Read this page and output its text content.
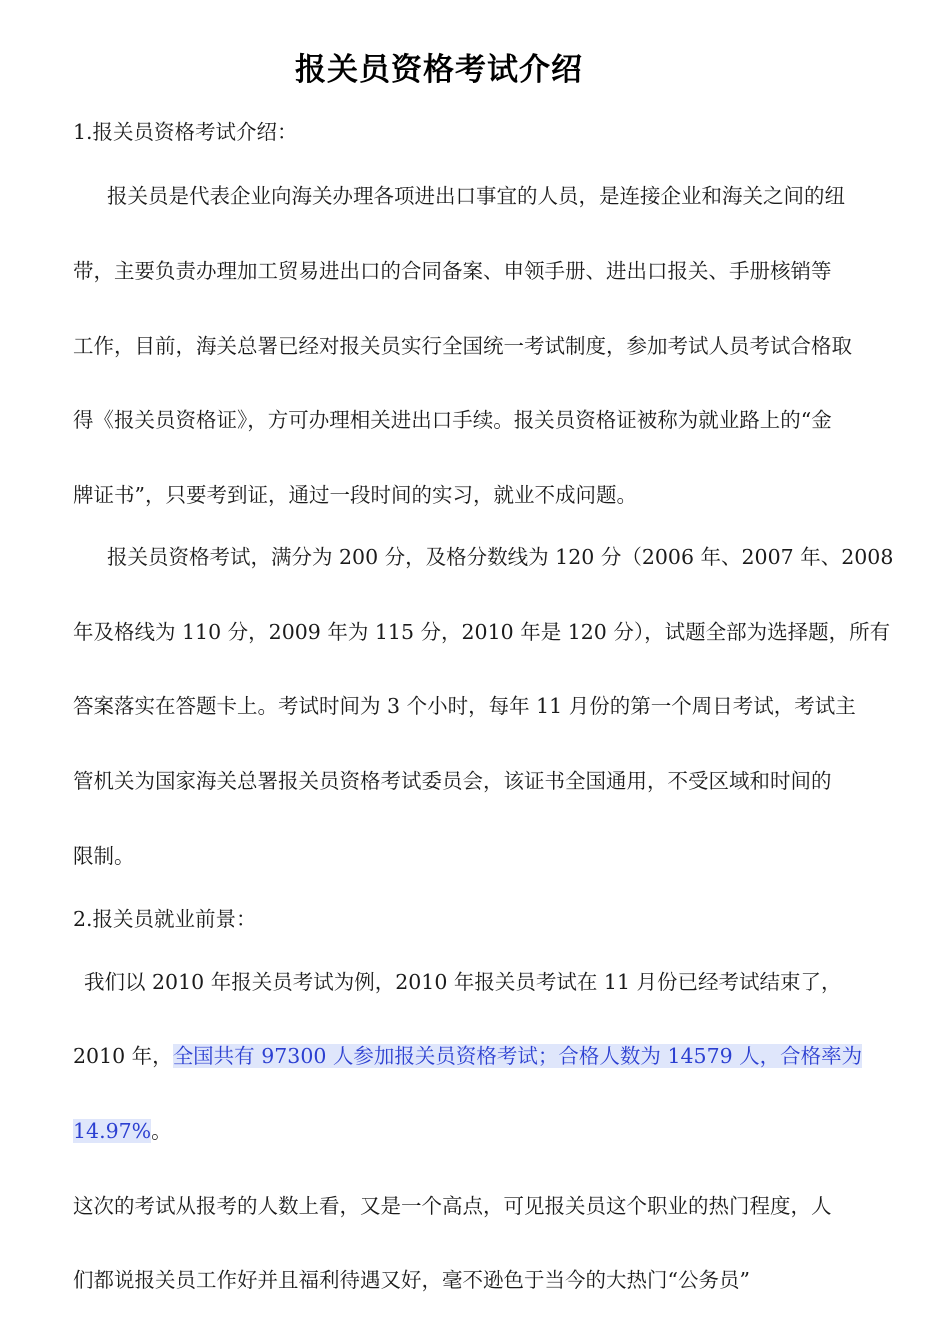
报关员资格考试介绍
1.报关员资格考试介绍：
报关员是代表企业向海关办理各项进出口事宜的人员，是连接企业和海关之间的纽
带，主要负责办理加工贸易进出口的合同备案、申领手册、进出口报关、手册核销等
工作，目前，海关总署已经对报关员实行全国统一考试制度，参加考试人员考试合格取
得《报关员资格证》，方可办理相关进出口手续。报关员资格证被称为就业路上的“金
牌证书”，只要考到证，通过一段时间的实习，就业不成问题。
报关员资格考试，满分为 200 分，及格分数线为 120 分（2006 年、2007 年、2008
年及格线为 110 分，2009 年为 115 分，2010 年是 120 分），试题全部为选择题，所有
答案落实在答题卡上。考试时间为 3 个小时，每年 11 月份的第一个周日考试，考试主
管机关为国家海关总署报关员资格考试委员会，该证书全国通用，不受区域和时间的
限制。
2.报关员就业前景：
我们以 2010 年报关员考试为例，2010 年报关员考试在 11 月份已经考试结束了，
2010 年，全国共有 97300 人参加报关员资格考试；合格人数为 14579 人，合格率为
14.97%。
这次的考试从报考的人数上看，又是一个高点，可见报关员这个职业的热门程度，人
们都说报关员工作好并且福利待遇又好，毫不逊色于当今的大热门“公务员”
